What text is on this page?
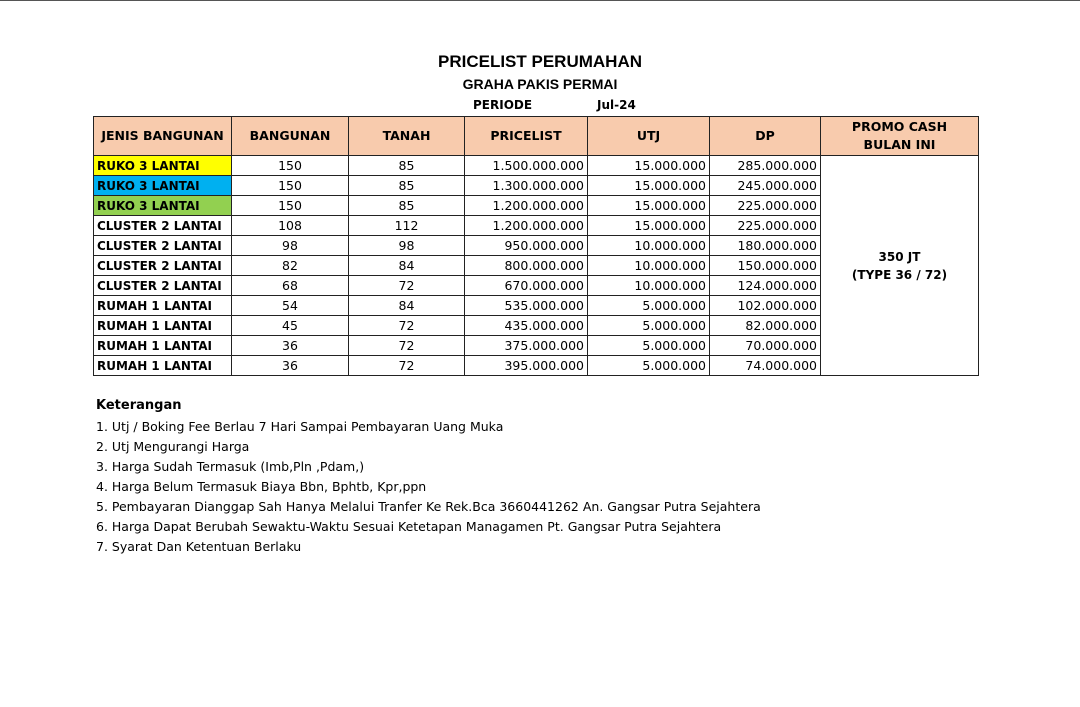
PRICELIST PERUMAHAN
GRAHA PAKIS PERMAI
PERIODE	Jul-24
JENIS BANGUNAN	BANGUNAN	TANAH	PRICELIST	UTJ	DP	PROMO CASH
BULAN INI

RUKO 3 LANTAI	150	85	1.500.000.000	15.000.000	285.000.000	350 JT
(TYPE 36 / 72)

RUKO 3 LANTAI	150	85	1.300.000.000	15.000.000	245.000.000	
RUKO 3 LANTAI	150	85	1.200.000.000	15.000.000	225.000.000	
CLUSTER 2 LANTAI	108	112	1.200.000.000	15.000.000	225.000.000	
CLUSTER 2 LANTAI	98	98	950.000.000	10.000.000	180.000.000	
CLUSTER 2 LANTAI	82	84	800.000.000	10.000.000	150.000.000	
CLUSTER 2 LANTAI	68	72	670.000.000	10.000.000	124.000.000	
RUMAH 1 LANTAI	54	84	535.000.000	5.000.000	102.000.000	
RUMAH 1 LANTAI	45	72	435.000.000	5.000.000	82.000.000	
RUMAH 1 LANTAI	36	72	375.000.000	5.000.000	70.000.000	
RUMAH 1 LANTAI	36	72	395.000.000	5.000.000	74.000.000	
Keterangan
1. Utj / Boking Fee Berlau 7 Hari Sampai Pembayaran Uang Muka
2. Utj Mengurangi Harga
3. Harga Sudah Termasuk (Imb,Pln ,Pdam,)
4. Harga Belum Termasuk Biaya Bbn, Bphtb, Kpr,ppn
5. Pembayaran Dianggap Sah Hanya Melalui Tranfer Ke Rek.Bca 3660441262 An. Gangsar Putra Sejahtera
6. Harga Dapat Berubah Sewaktu-Waktu Sesuai Ketetapan Managamen Pt. Gangsar Putra Sejahtera
7. Syarat Dan Ketentuan Berlaku
